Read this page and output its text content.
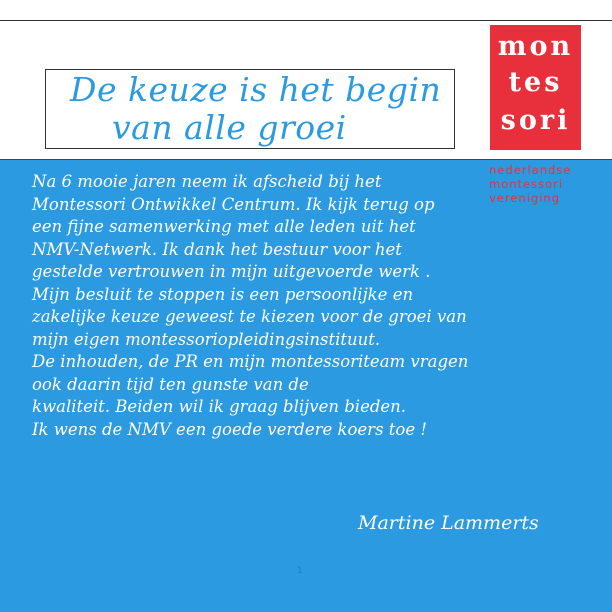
De keuze is het begin
van alle groei
mon
tes
sori
nederlandse
montessori
vereniging
Na 6 mooie jaren neem ik afscheid bij het
Montessori Ontwikkel Centrum. Ik kijk terug op
een fijne samenwerking met alle leden uit het
NMV-Netwerk. Ik dank het bestuur voor het
gestelde vertrouwen in mijn uitgevoerde werk .
Mijn besluit te stoppen is een persoonlijke en
zakelijke keuze geweest te kiezen voor de groei van
mijn eigen montessoriopleidingsinstituut.
De inhouden, de PR en mijn montessoriteam vragen
ook daarin tijd ten gunste van de
kwaliteit. Beiden wil ik graag blijven bieden.
Ik wens de NMV een goede verdere koers toe !
Martine Lammerts
1
